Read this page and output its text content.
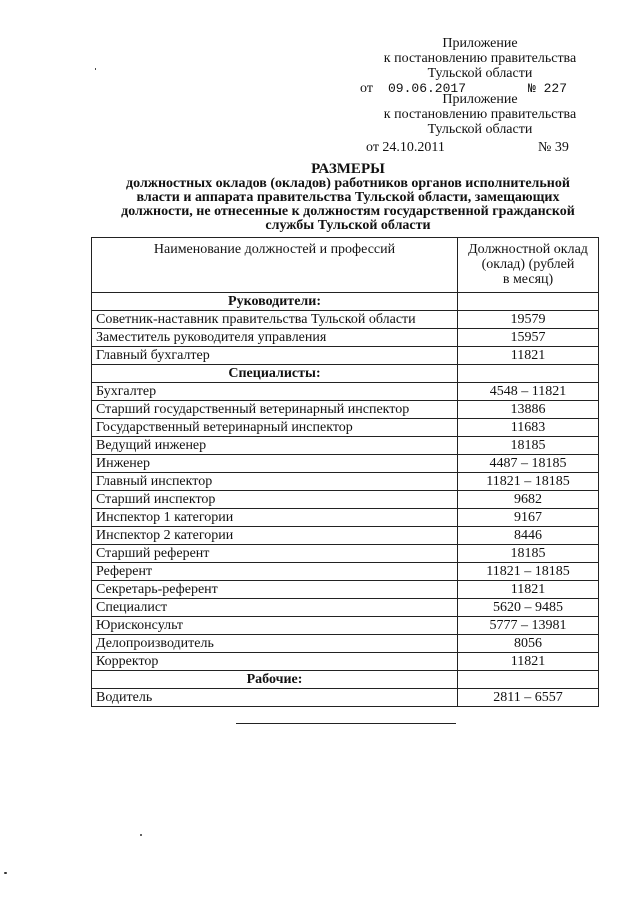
Приложение
к постановлению правительства
Тульской области
от 09.06.2017	№ 227
Приложение
к постановлению правительства
Тульской области
от 24.10.2011	№ 39
РАЗМЕРЫ
должностных окладов (окладов) работников органов исполнительной
власти и аппарата правительства Тульской области, замещающих
должности, не отнесенные к должностям государственной гражданской
службы Тульской области
Наименование должностей и профессий	Должностной оклад
(оклад) (рублей
в месяц)

Руководители:	
Советник-наставник правительства Тульской области	19579
Заместитель руководителя управления	15957
Главный бухгалтер	11821
Специалисты:	
Бухгалтер	4548 – 11821
Старший государственный ветеринарный инспектор	13886
Государственный ветеринарный инспектор	11683
Ведущий инженер	18185
Инженер	4487 – 18185
Главный инспектор	11821 – 18185
Старший инспектор	9682
Инспектор 1 категории	9167
Инспектор 2 категории	8446
Старший референт	18185
Референт	11821 – 18185
Секретарь-референт	11821
Специалист	5620 – 9485
Юрисконсульт	5777 – 13981
Делопроизводитель	8056
Корректор	11821
Рабочие:	
Водитель	2811 – 6557
